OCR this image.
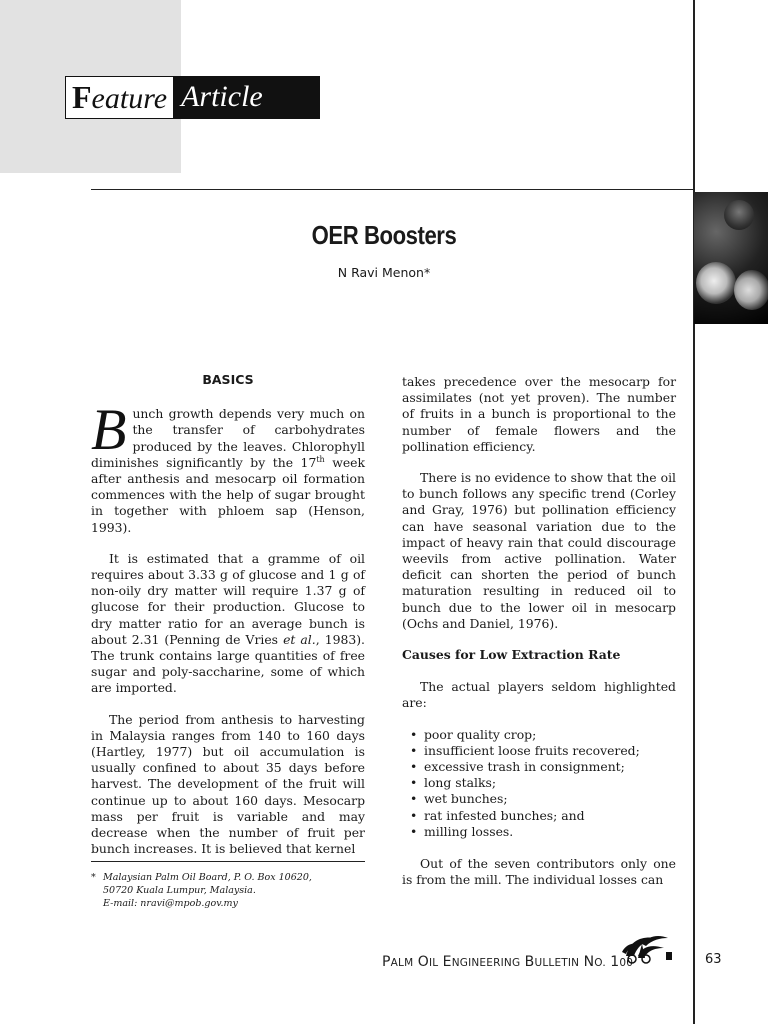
Feature Article
OER Boosters
N Ravi Menon*
BASICS

Bunch growth depends very much on the transfer of carbohydrates produced by the leaves. Chlorophyll diminishes significantly by the 17th week after anthesis and mesocarp oil formation commences with the help of sugar brought in together with phloem sap (Henson, 1993).

It is estimated that a gramme of oil requires about 3.33 g of glucose and 1 g of non-oily dry matter will require 1.37 g of glucose for their production. Glucose to dry matter ratio for an average bunch is about 2.31 (Penning de Vries et al., 1983). The trunk contains large quantities of free sugar and poly-saccharine, some of which are imported.

The period from anthesis to harvesting in Malaysia ranges from 140 to 160 days (Hartley, 1977) but oil accumulation is usually confined to about 35 days before harvest. The development of the fruit will continue up to about 160 days. Mesocarp mass per fruit is variable and may decrease when the number of fruit per bunch increases. It is believed that kernel

takes precedence over the mesocarp for assimilates (not yet proven). The number of fruits in a bunch is proportional to the number of female flowers and the pollination efficiency.

There is no evidence to show that the oil to bunch follows any specific trend (Corley and Gray, 1976) but pollination efficiency can have seasonal variation due to the impact of heavy rain that could discourage weevils from active pollination. Water deficit can shorten the period of bunch maturation resulting in reduced oil to bunch due to the lower oil in mesocarp (Ochs and Daniel, 1976).

Causes for Low Extraction Rate

The actual players seldom highlighted are:

• poor quality crop;
• insufficient loose fruits recovered;
• excessive trash in consignment;
• long stalks;
• wet bunches;
• rat infested bunches; and
• milling losses.

Out of the seven contributors only one is from the mill. The individual losses can

* Malaysian Palm Oil Board, P. O. Box 10620,
50720 Kuala Lumpur, Malaysia.
E-mail: nravi@mpob.gov.my
PALM OIL ENGINEERING BULLETIN NO. 100	63
